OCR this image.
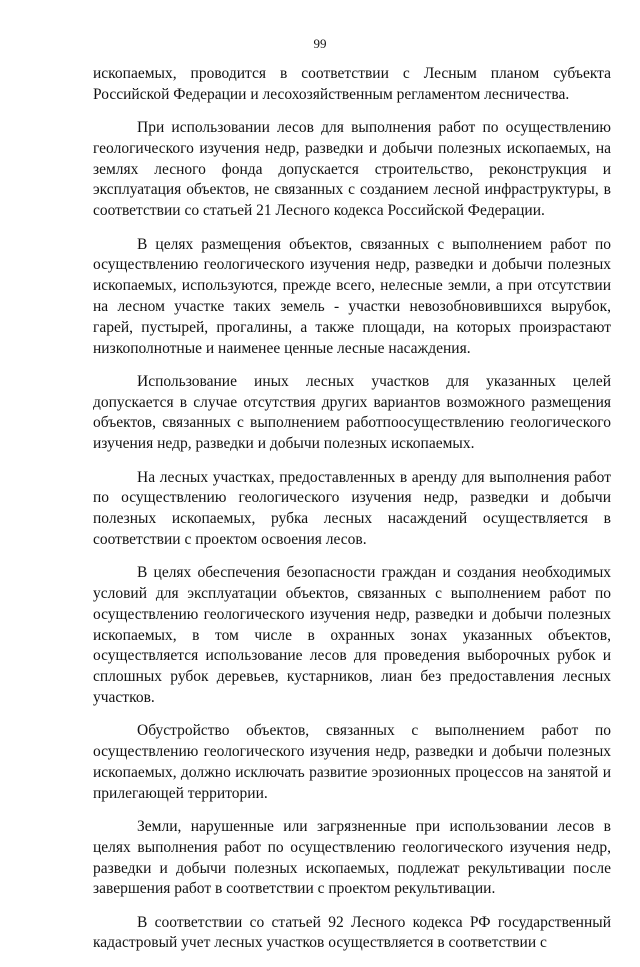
99

ископаемых, проводится в соответствии с Лесным планом субъекта Российской Федерации и лесохозяйственным регламентом лесничества.

При использовании лесов для выполнения работ по осуществлению геологического изучения недр, разведки и добычи полезных ископаемых, на землях лесного фонда допускается строительство, реконструкция и эксплуатация объектов, не связанных с созданием лесной инфраструктуры, в соответствии со статьей 21 Лесного кодекса Российской Федерации.

В целях размещения объектов, связанных с выполнением работ по осуществлению геологического изучения недр, разведки и добычи полезных ископаемых, используются, прежде всего, нелесные земли, а при отсутствии на лесном участке таких земель - участки невозобновившихся вырубок, гарей, пустырей, прогалины, а также площади, на которых произрастают низкополнотные и наименее ценные лесные насаждения.

Использование иных лесных участков для указанных целей допускается в случае отсутствия других вариантов возможного размещения объектов, связанных с выполнением работпоосуществлению геологического изучения недр, разведки и добычи полезных ископаемых.

На лесных участках, предоставленных в аренду для выполнения работ по осуществлению геологического изучения недр, разведки и добычи полезных ископаемых, рубка лесных насаждений осуществляется в соответствии с проектом освоения лесов.

В целях обеспечения безопасности граждан и создания необходимых условий для эксплуатации объектов, связанных с выполнением работ по осуществлению геологического изучения недр, разведки и добычи полезных ископаемых, в том числе в охранных зонах указанных объектов, осуществляется использование лесов для проведения выборочных рубок и сплошных рубок деревьев, кустарников, лиан без предоставления лесных участков.

Обустройство объектов, связанных с выполнением работ по осуществлению геологического изучения недр, разведки и добычи полезных ископаемых, должно исключать развитие эрозионных процессов на занятой и прилегающей территории.

Земли, нарушенные или загрязненные при использовании лесов в целях выполнения работ по осуществлению геологического изучения недр, разведки и добычи полезных ископаемых, подлежат рекультивации после завершения работ в соответствии с проектом рекультивации.

В соответствии со статьей 92 Лесного кодекса РФ государственный кадастровый учет лесных участков осуществляется в соответствии с
